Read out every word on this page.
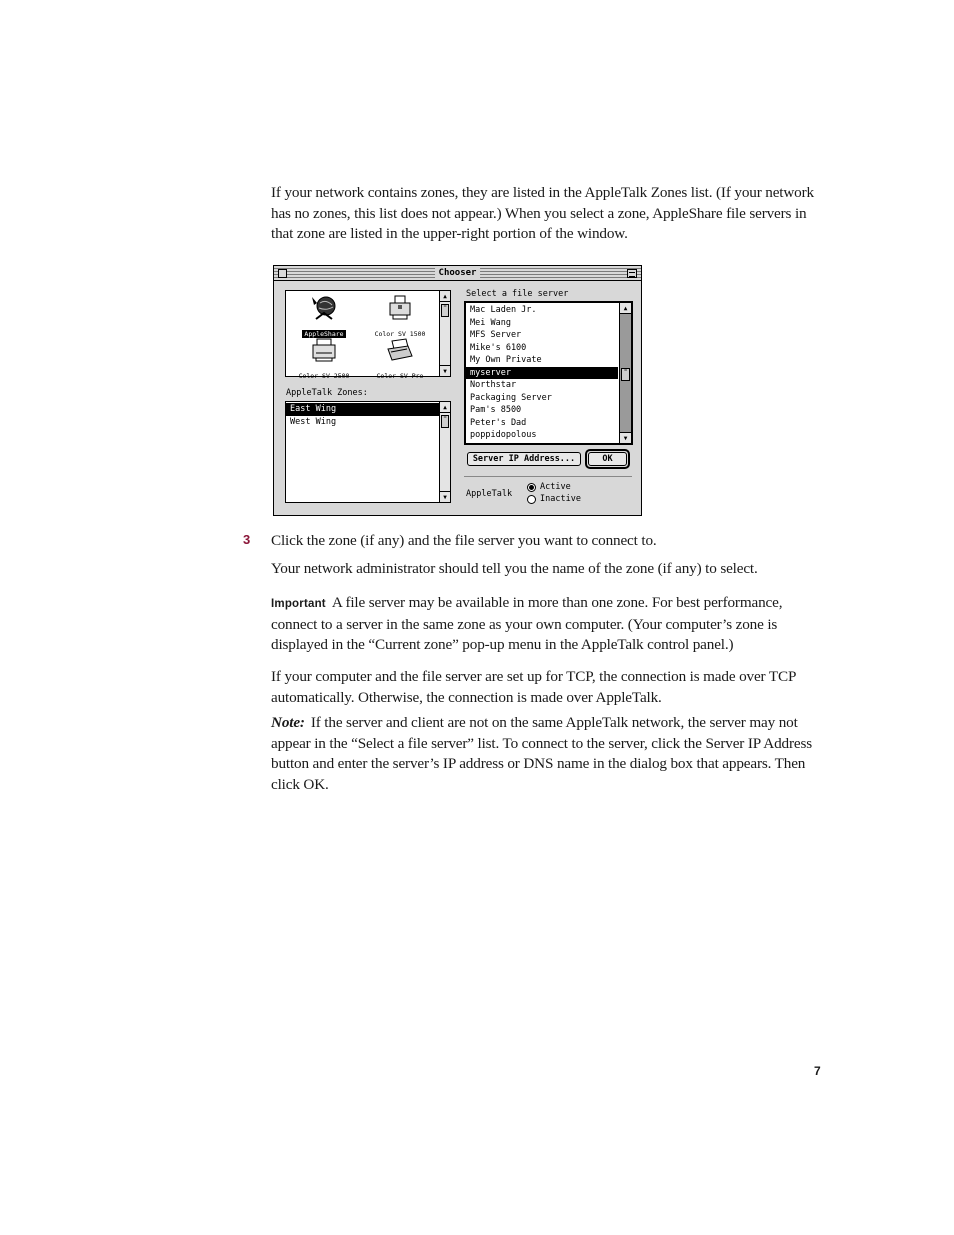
If your network contains zones, they are listed in the AppleTalk Zones list. (If your network has no zones, this list does not appear.) When you select a zone, AppleShare file servers in that zone are listed in the upper-right portion of the window.

Chooser
AppleShare	Color SV 1500
Color SV 2500	Color SV Pro
▲
≡
▼
AppleTalk Zones:
East Wing
West Wing
▲
≡
▼
Select a file server
Mac Laden Jr.
Mei Wang
MFS Server
Mike's 6100
My Own Private
myserver
Northstar
Packaging Server
Pam's 8500
Peter's Dad
poppidopolous
▲
≡
▼
Server IP Address...	OK
AppleTalk
Active
Inactive
3 Click the zone (if any) and the file server you want to connect to.

Your network administrator should tell you the name of the zone (if any) to select.

Important A file server may be available in more than one zone. For best performance, connect to a server in the same zone as your own computer. (Your computer’s zone is displayed in the “Current zone” pop-up menu in the AppleTalk control panel.)

If your computer and the file server are set up for TCP, the connection is made over TCP automatically. Otherwise, the connection is made over AppleTalk.

Note: If the server and client are not on the same AppleTalk network, the server may not appear in the “Select a file server” list. To connect to the server, click the Server IP Address button and enter the server’s IP address or DNS name in the dialog box that appears. Then click OK.

7
